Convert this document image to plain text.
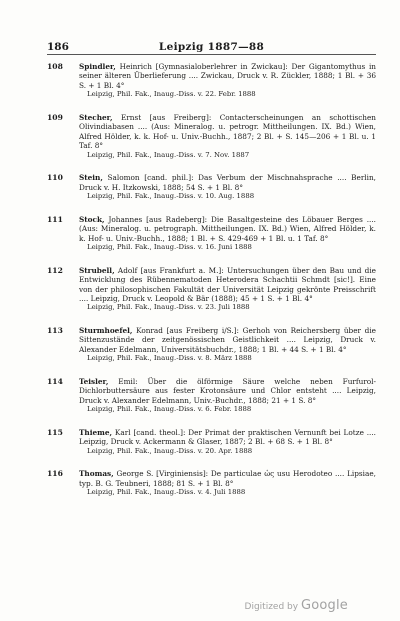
186	Leipzig 1887—88
108 Spindler, Heinrich [Gymnasialoberlehrer in Zwickau]: Der Gigantomythus in seiner älteren Überlieferung .... Zwickau, Druck v. R. Zückler, 1888; 1 Bl. + 36 S. + 1 Bl. 4°
Leipzig, Phil. Fak., Inaug.-Diss. v. 22. Febr. 1888
109 Stecher, Ernst [aus Freiberg]: Contacterscheinungen an schottischen Olivindiabasen .... (Aus: Mineralog. u. petrogr. Mittheilungen. IX. Bd.) Wien, Alfred Hölder, k. k. Hof- u. Univ.-Buchh., 1887; 2 Bl. + S. 145—206 + 1 Bl. u. 1 Taf. 8°
Leipzig, Phil. Fak., Inaug.-Diss. v. 7. Nov. 1887
110 Stein, Salomon [cand. phil.]: Das Verbum der Mischnahsprache .... Berlin, Druck v. H. Itzkowski, 1888; 54 S. + 1 Bl. 8°
Leipzig, Phil. Fak., Inaug.-Diss. v. 10. Aug. 1888
111 Stock, Johannes [aus Radeberg]: Die Basaltgesteine des Löbauer Berges .... (Aus: Mineralog. u. petrograph. Mittheilungen. IX. Bd.) Wien, Alfred Hölder, k. k. Hof- u. Univ.-Buchh., 1888; 1 Bl. + S. 429-469 + 1 Bl. u. 1 Taf. 8°
Leipzig, Phil. Fak., Inaug.-Diss. v. 16. Juni 1888
112 Strubell, Adolf [aus Frankfurt a. M.]: Untersuchungen über den Bau und die Entwicklung des Rübennematoden Heterodera Schachtii Schmdt [sic!]. Eine von der philosophischen Fakultät der Universität Leipzig gekrönte Preisschrift .... Leipzig, Druck v. Leopold & Bär (1888); 45 + 1 S. + 1 Bl. 4°
Leipzig, Phil. Fak., Inaug.-Diss. v. 23. Juli 1888
113 Sturmhoefel, Konrad [aus Freiberg i/S.]: Gerhoh von Reichersberg über die Sittenzustände der zeitgenössischen Geistlichkeit .... Leipzig, Druck v. Alexander Edelmann, Universitätsbuchdr., 1888; 1 Bl. + 44 S. + 1 Bl. 4°
Leipzig, Phil. Fak., Inaug.-Diss. v. 8. März 1888
114 Teisler, Emil: Über die ölförmige Säure welche neben Furfurol-Dichlorbuttersäure aus fester Krotonsäure und Chlor entsteht .... Leipzig, Druck v. Alexander Edelmann, Univ.-Buchdr., 1888; 21 + 1 S. 8°
Leipzig, Phil. Fak., Inaug.-Diss. v. 6. Febr. 1888
115 Thieme, Karl [cand. theol.]: Der Primat der praktischen Vernunft bei Lotze .... Leipzig, Druck v. Ackermann & Glaser, 1887; 2 Bl. + 68 S. + 1 Bl. 8°
Leipzig, Phil. Fak., Inaug.-Diss. v. 20. Apr. 1888
116 Thomas, George S. [Virginiensis]: De particulae ὡς usu Herodoteo .... Lipsiae, typ. B. G. Teubneri, 1888; 81 S. + 1 Bl. 8°
Leipzig, Phil. Fak., Inaug.-Diss. v. 4. Juli 1888
Digitized by Google
